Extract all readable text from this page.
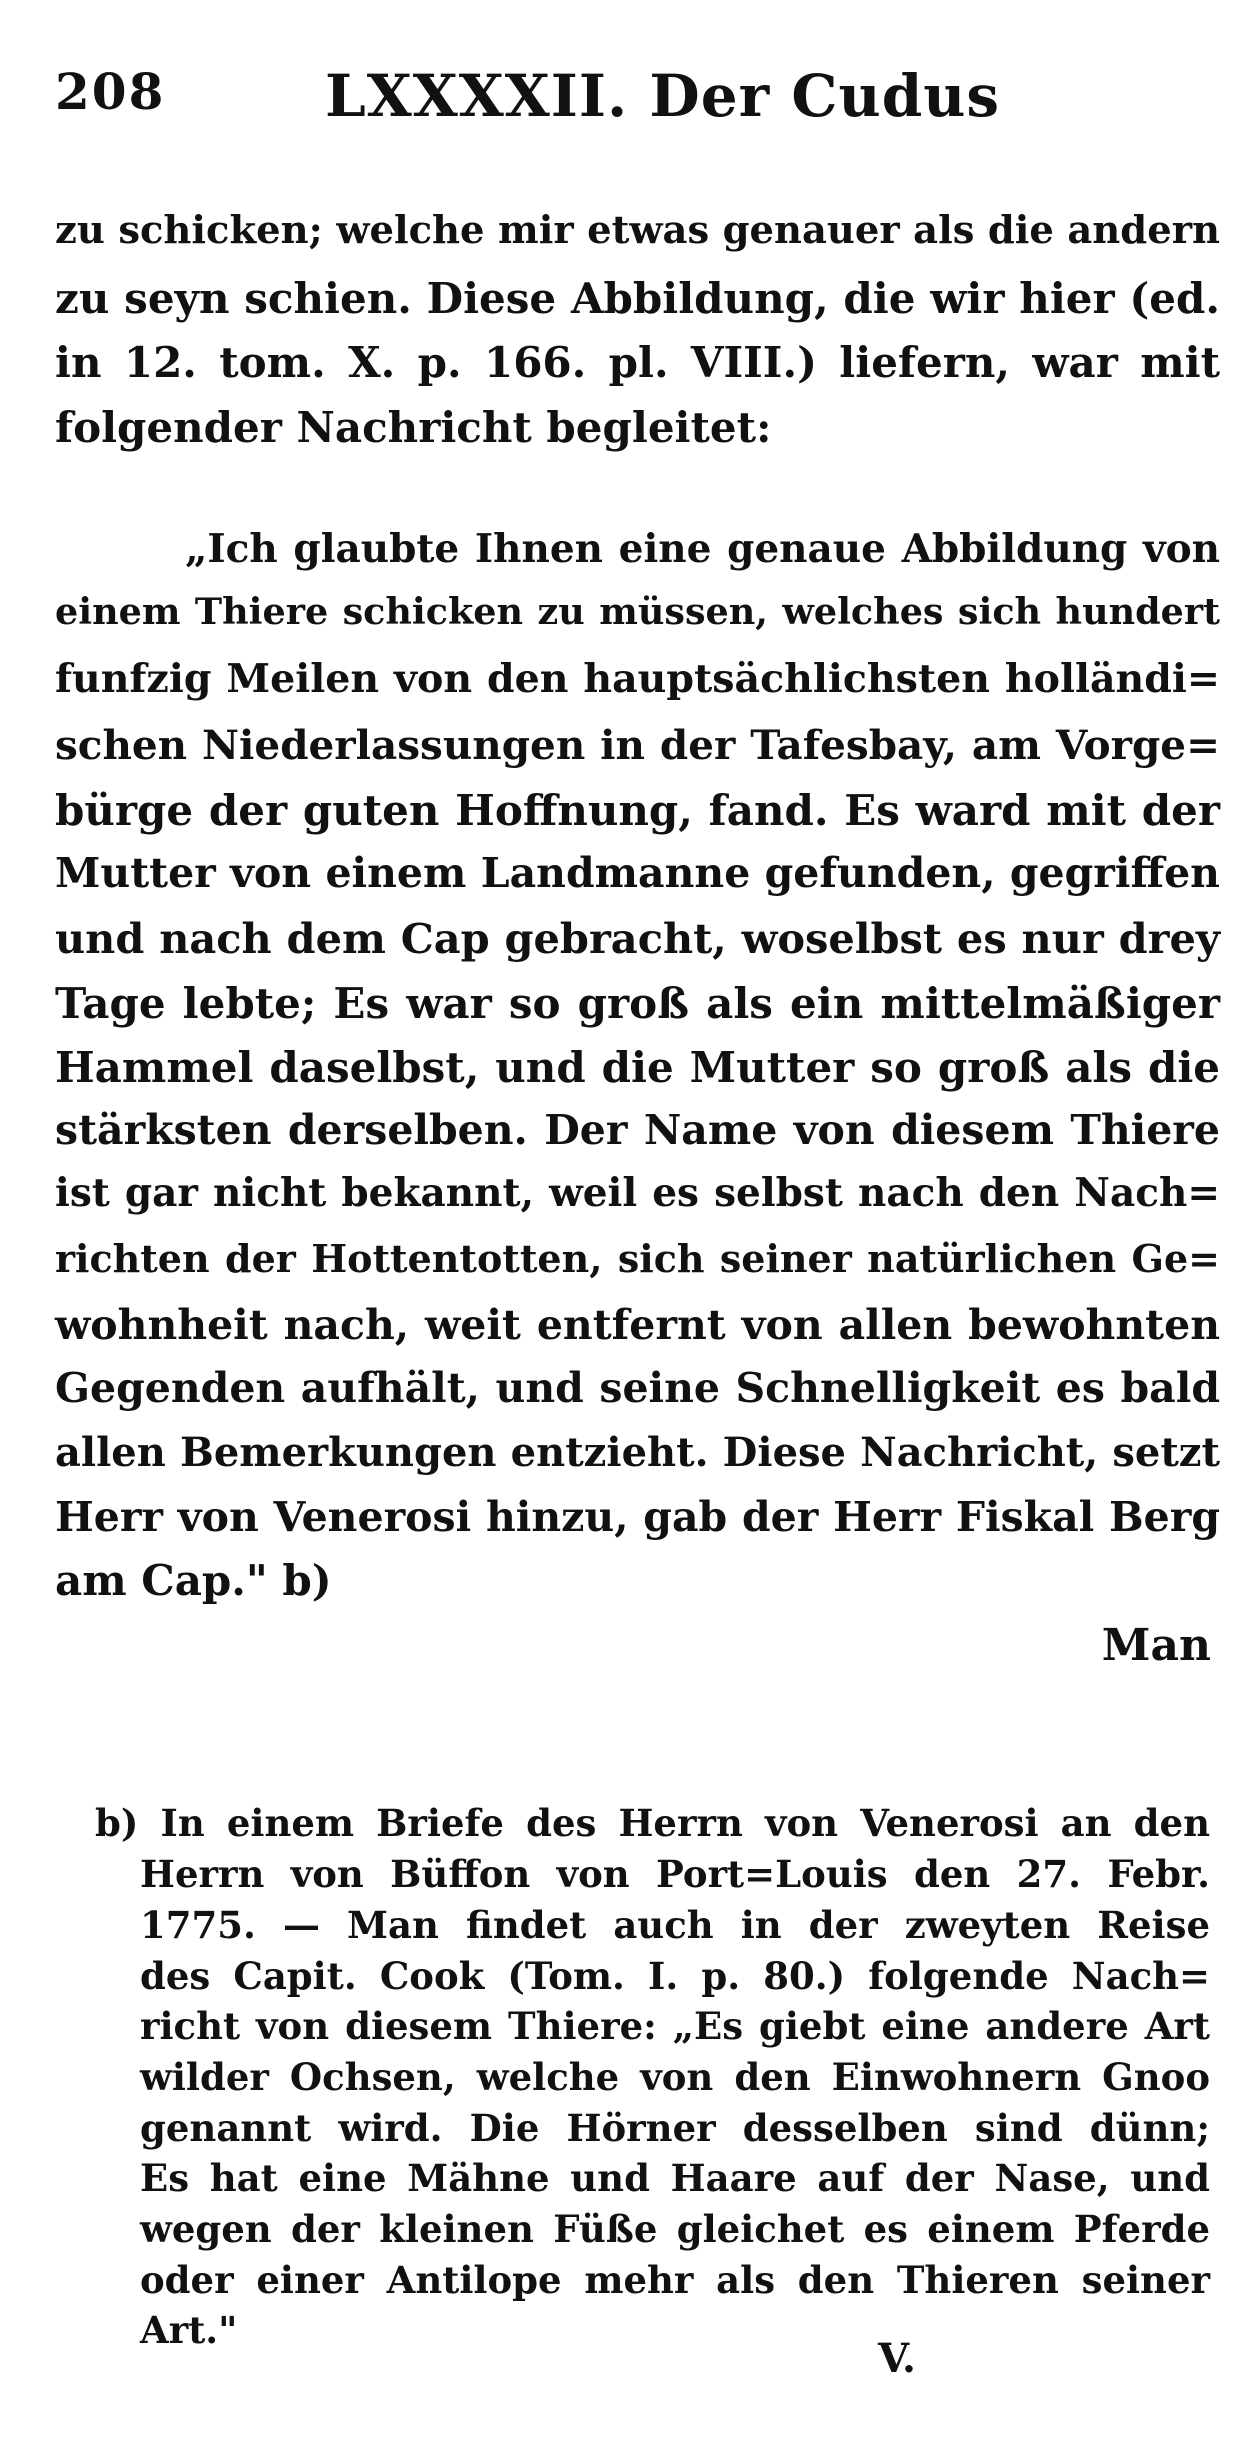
208	LXXXXII. Der Cudus
zu schicken; welche mir etwas genauer als die andern
zu seyn schien. Diese Abbildung, die wir hier (ed.
in 12. tom. X. p. 166. pl. VIII.) liefern, war mit
folgender Nachricht begleitet:
„Ich glaubte Ihnen eine genaue Abbildung von
einem Thiere schicken zu müssen, welches sich hundert
funfzig Meilen von den hauptsächlichsten holländi=
schen Niederlassungen in der Tafesbay, am Vorge=
bürge der guten Hoffnung, fand. Es ward mit der
Mutter von einem Landmanne gefunden, gegriffen
und nach dem Cap gebracht, woselbst es nur drey
Tage lebte; Es war so groß als ein mittelmäßiger
Hammel daselbst, und die Mutter so groß als die
stärksten derselben. Der Name von diesem Thiere
ist gar nicht bekannt, weil es selbst nach den Nach=
richten der Hottentotten, sich seiner natürlichen Ge=
wohnheit nach, weit entfernt von allen bewohnten
Gegenden aufhält, und seine Schnelligkeit es bald
allen Bemerkungen entzieht. Diese Nachricht, setzt
Herr von Venerosi hinzu, gab der Herr Fiskal Berg
am Cap." b)
Man
b) In einem Briefe des Herrn von Venerosi an den
Herrn von Büffon von Port=Louis den 27. Febr.
1775. — Man findet auch in der zweyten Reise
des Capit. Cook (Tom. I. p. 80.) folgende Nach=
richt von diesem Thiere: „Es giebt eine andere Art
wilder Ochsen, welche von den Einwohnern Gnoo
genannt wird. Die Hörner desselben sind dünn;
Es hat eine Mähne und Haare auf der Nase, und
wegen der kleinen Füße gleichet es einem Pferde
oder einer Antilope mehr als den Thieren seiner
Art."
V.
